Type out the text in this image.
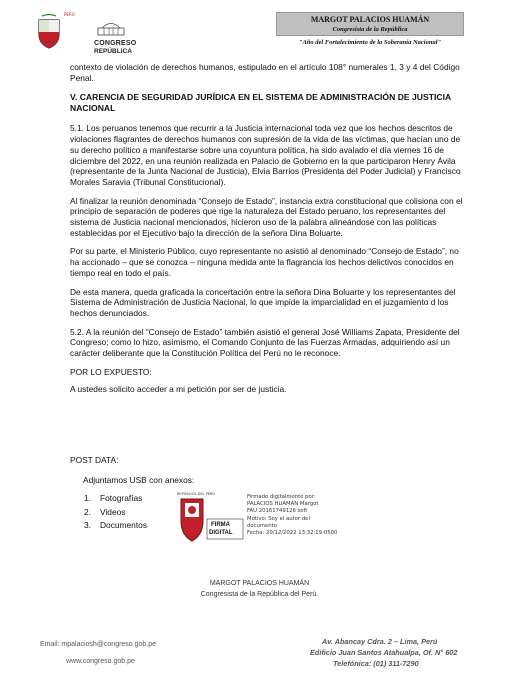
PERÚ
CONGRESO
REPÚBLICA
MARGOT PALACIOS HUAMÁN
Congresista de la República
"Año del Fortalecimiento de la Soberanía Nacional"

contexto de violación de derechos humanos, estipulado en el artículo 108° numerales 1, 3 y 4 del Código Penal.

V. CARENCIA DE SEGURIDAD JURÍDICA EN EL SISTEMA DE ADMINISTRACIÓN DE JUSTICIA NACIONAL

5.1. Los peruanos tenemos que recurrir a la Justicia internacional toda vez que los hechos descritos de violaciones flagrantes de derechos humanos con supresión de la vida de las víctimas, que hacían uno de su derecho político a manifestarse sobre una coyuntura política, ha sido avalado el día viernes 16 de diciembre del 2022, en una reunión realizada en Palacio de Gobierno en la que participaron Henry Ávila (representante de la Junta Nacional de Justicia), Elvia Barrios (Presidenta del Poder Judicial) y Francisco Morales Saravia (Tribunal Constitucional).

Al finalizar la reunión denominada “Consejo de Estado”, instancia extra constitucional que colisiona con el principio de separación de poderes que rige la naturaleza del Estado peruano, los representantes del sistema de Justicia nacional mencionados, hicieron uso de la palabra alineándose con las políticas establecidas por el Ejecutivo bajo la dirección de la señora Dina Boluarte.

Por su parte, el Ministerio Público, cuyo representante no asistió al denominado “Consejo de Estado”, no ha accionado – que se conozca – ninguna medida ante la flagrancia los hechos delictivos conocidos en tiempo real en todo el país.

De esta manera, queda graficada la concertación entre la señora Dina Boluarte y los representantes del Sistema de Administración de Justicia Nacional, lo que impide la imparcialidad en el juzgamiento d los hechos denunciados.

5.2. A la reunión del “Consejo de Estado” también asistió el general José Williams Zapata, Presidente del Congreso; como lo hizo, asimismo, el Comando Conjunto de las Fuerzas Armadas, adquiriendo así un carácter deliberante que la Constitución Política del Perú no le reconoce.

POR LO EXPUESTO:

A ustedes solicito acceder a mi petición por ser de justicia.

POST DATA:
Adjuntamos USB con anexos:
1. Fotografías
2. Videos
3. Documentos
REPÚBLICA DEL PERÚ
FIRMA
DIGITAL
Firmado digitalmente por:
PALACIOS HUAMAN Margot
FAU 20161749126 soft
Motivo: Soy el autor del
documento
Fecha: 20/12/2022 13:32:19-0500
MARGOT PALACIOS HUAMÁN
Congresista de la República del Perú.
Email: mpalaciosh@congreso.gob.pe
www.congreso.gob.pe
Av. Abancay Cdra. 2 – Lima, Perú
Edificio Juan Santos Atahualpa, Of. N° 602
Telefónica: (01) 311-7290
